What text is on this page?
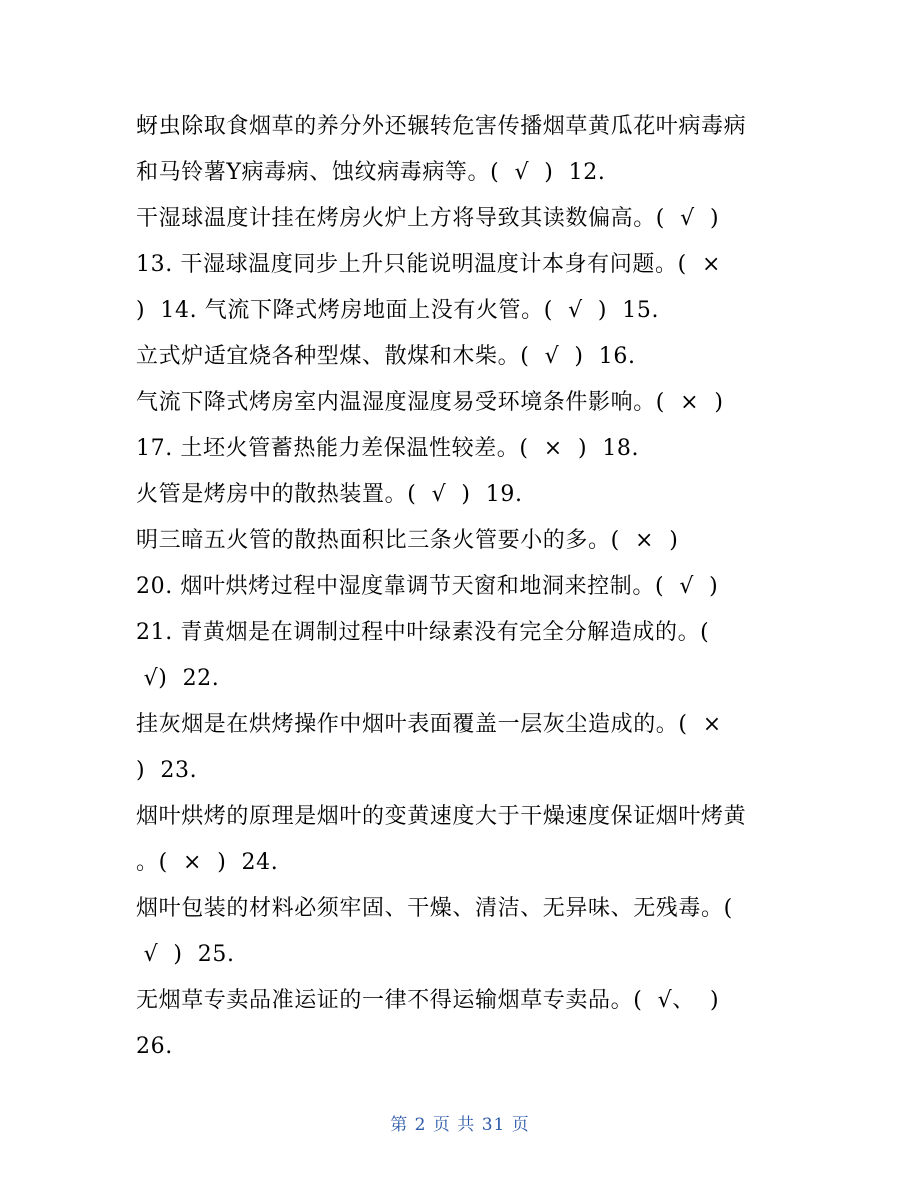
蚜虫除取食烟草的养分外还辗转危害传播烟草黄瓜花叶病毒病
和马铃薯Y病毒病、蚀纹病毒病等。(  √  )  12.
干湿球温度计挂在烤房火炉上方将导致其读数偏高。(  √  )
13. 干湿球温度同步上升只能说明温度计本身有问题。(  ×
)  14. 气流下降式烤房地面上没有火管。(  √  )  15.
立式炉适宜烧各种型煤、散煤和木柴。(  √  )  16.
气流下降式烤房室内温湿度湿度易受环境条件影响。(  ×  )
17. 土坯火管蓄热能力差保温性较差。(  ×  )  18.
火管是烤房中的散热装置。(  √  )  19.
明三暗五火管的散热面积比三条火管要小的多。(  ×  )
20. 烟叶烘烤过程中湿度靠调节天窗和地洞来控制。(  √  )
21. 青黄烟是在调制过程中叶绿素没有完全分解造成的。(
√)  22.
挂灰烟是在烘烤操作中烟叶表面覆盖一层灰尘造成的。(  ×
)  23.
烟叶烘烤的原理是烟叶的变黄速度大于干燥速度保证烟叶烤黄
。(  ×  )  24.
烟叶包装的材料必须牢固、干燥、清洁、无异味、无残毒。(
√  )  25.
无烟草专卖品准运证的一律不得运输烟草专卖品。(  √、  )
26.
第 2 页 共 31 页
